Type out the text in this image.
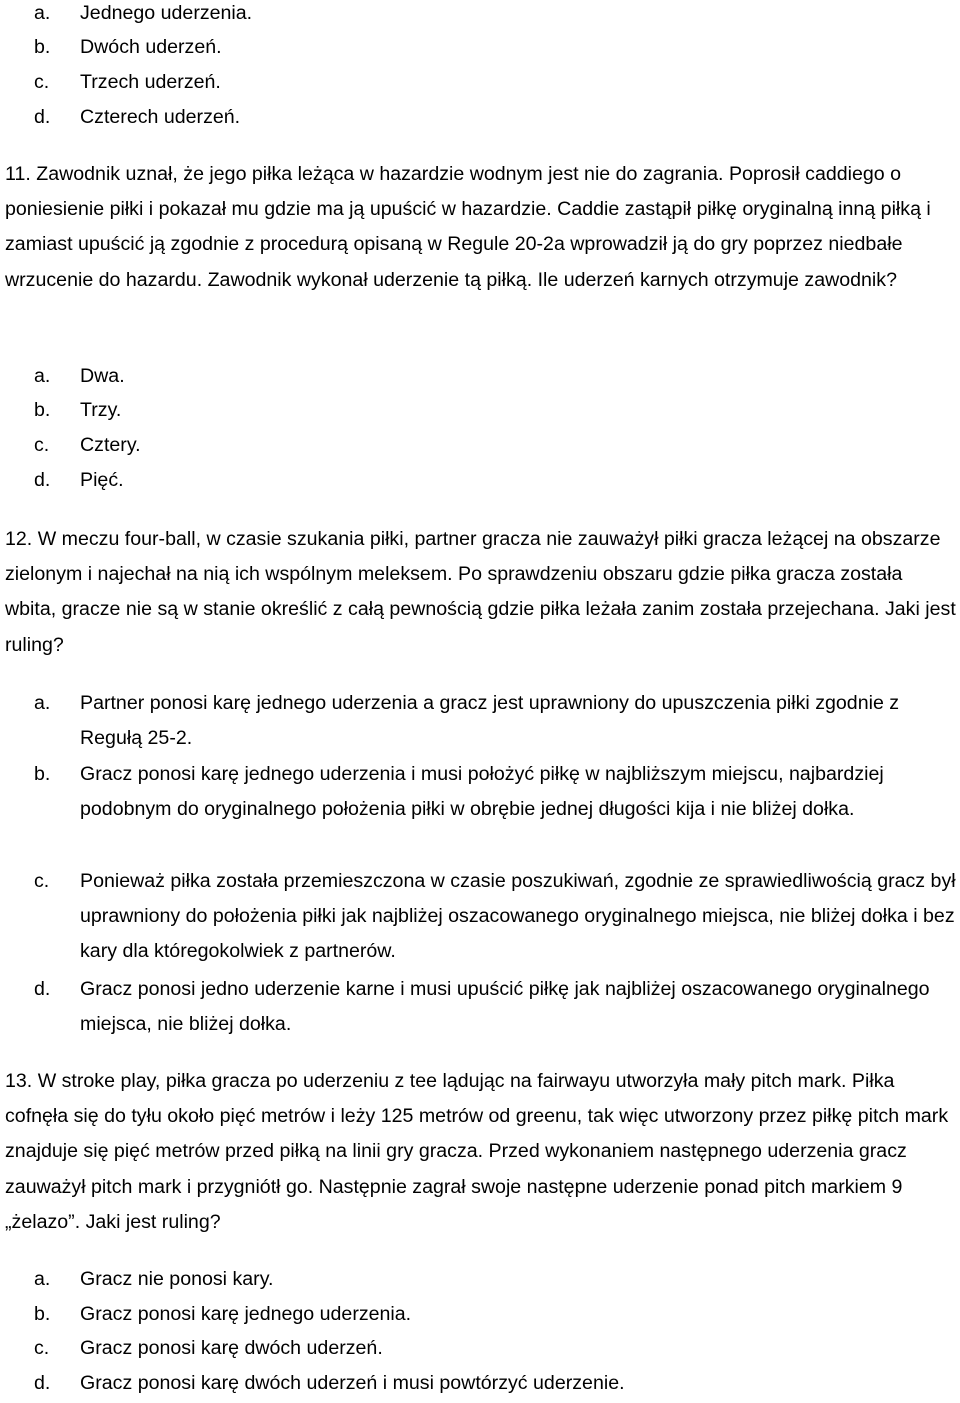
a. Jednego uderzenia.
b. Dwóch uderzeń.
c. Trzech uderzeń.
d. Czterech uderzeń.
11. Zawodnik uznał, że jego piłka leżąca w hazardzie wodnym jest nie do zagrania. Poprosił caddiego o poniesienie piłki i pokazał mu gdzie ma ją upuścić w hazardzie. Caddie zastąpił piłkę oryginalną inną piłką i zamiast upuścić ją zgodnie z procedurą opisaną w Regule 20-2a wprowadził ją do gry poprzez niedbałe wrzucenie do hazardu. Zawodnik wykonał uderzenie tą piłką. Ile uderzeń karnych otrzymuje zawodnik?
a. Dwa.
b. Trzy.
c. Cztery.
d. Pięć.
12. W meczu four-ball, w czasie szukania piłki, partner gracza nie zauważył piłki gracza leżącej na obszarze zielonym i najechał na nią ich wspólnym meleksem. Po sprawdzeniu obszaru gdzie piłka gracza została wbita, gracze nie są w stanie określić z całą pewnością gdzie piłka leżała zanim została przejechana. Jaki jest ruling?
a.	Partner ponosi karę jednego uderzenia a gracz jest uprawniony do upuszczenia piłki zgodnie z Regułą 25-2.
b.	Gracz ponosi karę jednego uderzenia i musi położyć piłkę w najbliższym miejscu, najbardziej podobnym do oryginalnego położenia piłki w obrębie jednej długości kija i nie bliżej dołka.
c.	Ponieważ piłka została przemieszczona w czasie poszukiwań, zgodnie ze sprawiedliwością gracz był uprawniony do położenia piłki jak najbliżej oszacowanego oryginalnego miejsca, nie bliżej dołka i bez kary dla któregokolwiek z partnerów.
d.	Gracz ponosi jedno uderzenie karne i musi upuścić piłkę jak najbliżej oszacowanego oryginalnego miejsca, nie bliżej dołka.
13. W stroke play, piłka gracza po uderzeniu z tee lądując na fairwayu utworzyła mały pitch mark. Piłka cofnęła się do tyłu około pięć metrów i leży 125 metrów od greenu, tak więc utworzony przez piłkę pitch mark znajduje się pięć metrów przed piłką na linii gry gracza. Przed wykonaniem następnego uderzenia gracz zauważył pitch mark i przygniótł go. Następnie zagrał swoje następne uderzenie ponad pitch markiem 9 „żelazo”. Jaki jest ruling?
a. Gracz nie ponosi kary.
b. Gracz ponosi karę jednego uderzenia.
c. Gracz ponosi karę dwóch uderzeń.
d. Gracz ponosi karę dwóch uderzeń i musi powtórzyć uderzenie.
